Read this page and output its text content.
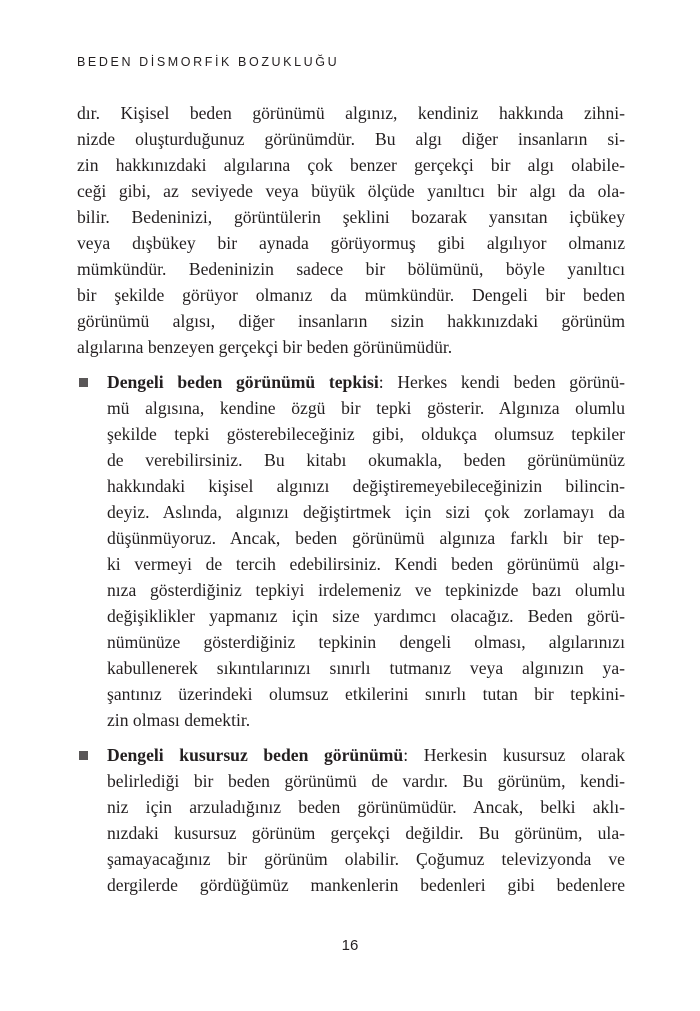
BEDEN DİSMORFİK BOZUKLUĞU
dır. Kişisel beden görünümü algınız, kendiniz hakkında zihni-
nizde oluşturduğunuz görünümdür. Bu algı diğer insanların si-
zin hakkınızdaki algılarına çok benzer gerçekçi bir algı olabile-
ceği gibi, az seviyede veya büyük ölçüde yanıltıcı bir algı da ola-
bilir. Bedeninizi, görüntülerin şeklini bozarak yansıtan içbükey
veya dışbükey bir aynada görüyormuş gibi algılıyor olmanız
mümkündür. Bedeninizin sadece bir bölümünü, böyle yanıltıcı
bir şekilde görüyor olmanız da mümkündür. Dengeli bir beden
görünümü algısı, diğer insanların sizin hakkınızdaki görünüm
algılarına benzeyen gerçekçi bir beden görünümüdür.
Dengeli beden görünümü tepkisi: Herkes kendi beden görünü-
mü algısına, kendine özgü bir tepki gösterir. Algınıza olumlu
şekilde tepki gösterebileceğiniz gibi, oldukça olumsuz tepkiler
de verebilirsiniz. Bu kitabı okumakla, beden görünümünüz
hakkındaki kişisel algınızı değiştiremeyebileceğinizin bilincin-
deyiz. Aslında, algınızı değiştirtmek için sizi çok zorlamayı da
düşünmüyoruz. Ancak, beden görünümü algınıza farklı bir tep-
ki vermeyi de tercih edebilirsiniz. Kendi beden görünümü algı-
nıza gösterdiğiniz tepkiyi irdelemeniz ve tepkinizde bazı olumlu
değişiklikler yapmanız için size yardımcı olacağız. Beden görü-
nümünüze gösterdiğiniz tepkinin dengeli olması, algılarınızı
kabullenerek sıkıntılarınızı sınırlı tutmanız veya algınızın ya-
şantınız üzerindeki olumsuz etkilerini sınırlı tutan bir tepkini-
zin olması demektir.
Dengeli kusursuz beden görünümü: Herkesin kusursuz olarak
belirlediği bir beden görünümü de vardır. Bu görünüm, kendi-
niz için arzuladığınız beden görünümüdür. Ancak, belki aklı-
nızdaki kusursuz görünüm gerçekçi değildir. Bu görünüm, ula-
şamayacağınız bir görünüm olabilir. Çoğumuz televizyonda ve
dergilerde gördüğümüz mankenlerin bedenleri gibi bedenlere
16
